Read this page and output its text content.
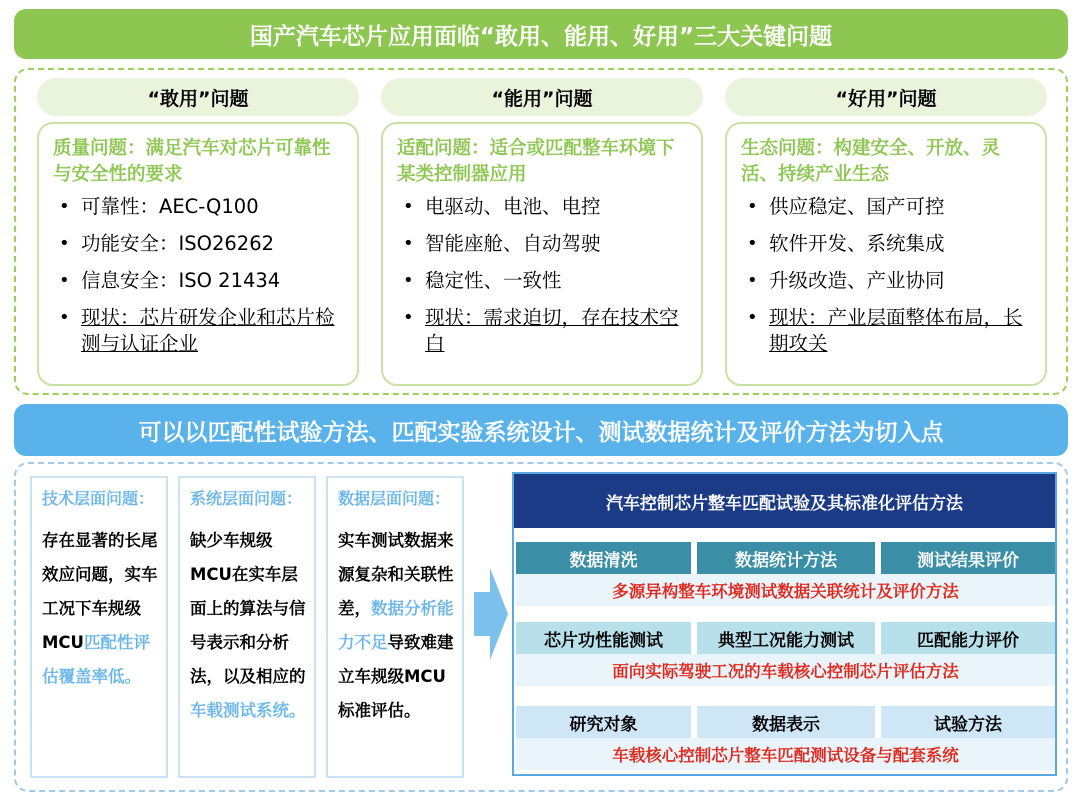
国产汽车芯片应用面临“敢用、能用、好用”三大关键问题
“敢用”问题
质量问题：满足汽车对芯片可靠性与安全性的要求
• 可靠性：AEC-Q100
• 功能安全：ISO26262
• 信息安全：ISO 21434
• 现状：芯片研发企业和芯片检测与认证企业
“能用”问题
适配问题：适合或匹配整车环境下某类控制器应用
• 电驱动、电池、电控
• 智能座舱、自动驾驶
• 稳定性、一致性
• 现状：需求迫切，存在技术空白
“好用”问题
生态问题：构建安全、开放、灵活、持续产业生态
• 供应稳定、国产可控
• 软件开发、系统集成
• 升级改造、产业协同
• 现状：产业层面整体布局，长期攻关
可以以匹配性试验方法、匹配实验系统设计、测试数据统计及评价方法为切入点
技术层面问题：
存在显著的长尾效应问题，实车工况下车规级MCU匹配性评估覆盖率低。
系统层面问题：
缺少车规级MCU在实车层面上的算法与信号表示和分析法，以及相应的车载测试系统。
数据层面问题：
实车测试数据来源复杂和关联性差，数据分析能力不足导致难建立车规级MCU标准评估。
汽车控制芯片整车匹配试验及其标准化评估方法
数据清洗	数据统计方法	测试结果评价
多源异构整车环境测试数据关联统计及评价方法
芯片功性能测试	典型工况能力测试	匹配能力评价
面向实际驾驶工况的车载核心控制芯片评估方法
研究对象	数据表示	试验方法
车载核心控制芯片整车匹配测试设备与配套系统
